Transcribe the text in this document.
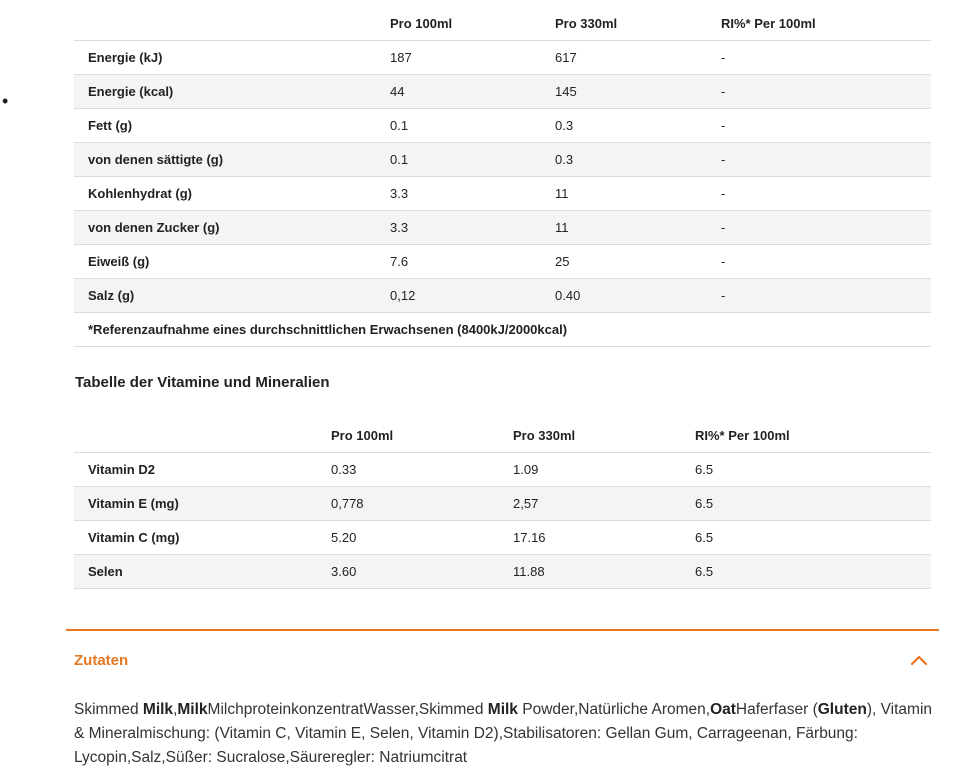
•
	Pro 100ml	Pro 330ml	RI%* Per 100ml
Energie (kJ)	187	617	-
Energie (kcal)	44	145	-
Fett (g)	0.1	0.3	-
von denen sättigte (g)	0.1	0.3	-
Kohlenhydrat (g)	3.3	11	-
von denen Zucker (g)	3.3	11	-
Eiweiß (g)	7.6	25	-
Salz (g)	0,12	0.40	-
*Referenzaufnahme eines durchschnittlichen Erwachsenen (8400kJ/2000kcal)			
Tabelle der Vitamine und Mineralien
	Pro 100ml	Pro 330ml	RI%* Per 100ml
Vitamin D2	0.33	1.09	6.5
Vitamin E (mg)	0,778	2,57	6.5
Vitamin C (mg)	5.20	17.16	6.5
Selen	3.60	11.88	6.5
Zutaten
Skimmed Milk,MilkMilchproteinkonzentratWasser,Skimmed Milk Powder,Natürliche Aromen,OatHaferfaser (Gluten), Vitamin & Mineralmischung: (Vitamin C, Vitamin E, Selen, Vitamin D2),Stabilisatoren: Gellan Gum, Carrageenan, Färbung: Lycopin,Salz,Süßer: Sucralose,Säureregler: Natriumcitrat
